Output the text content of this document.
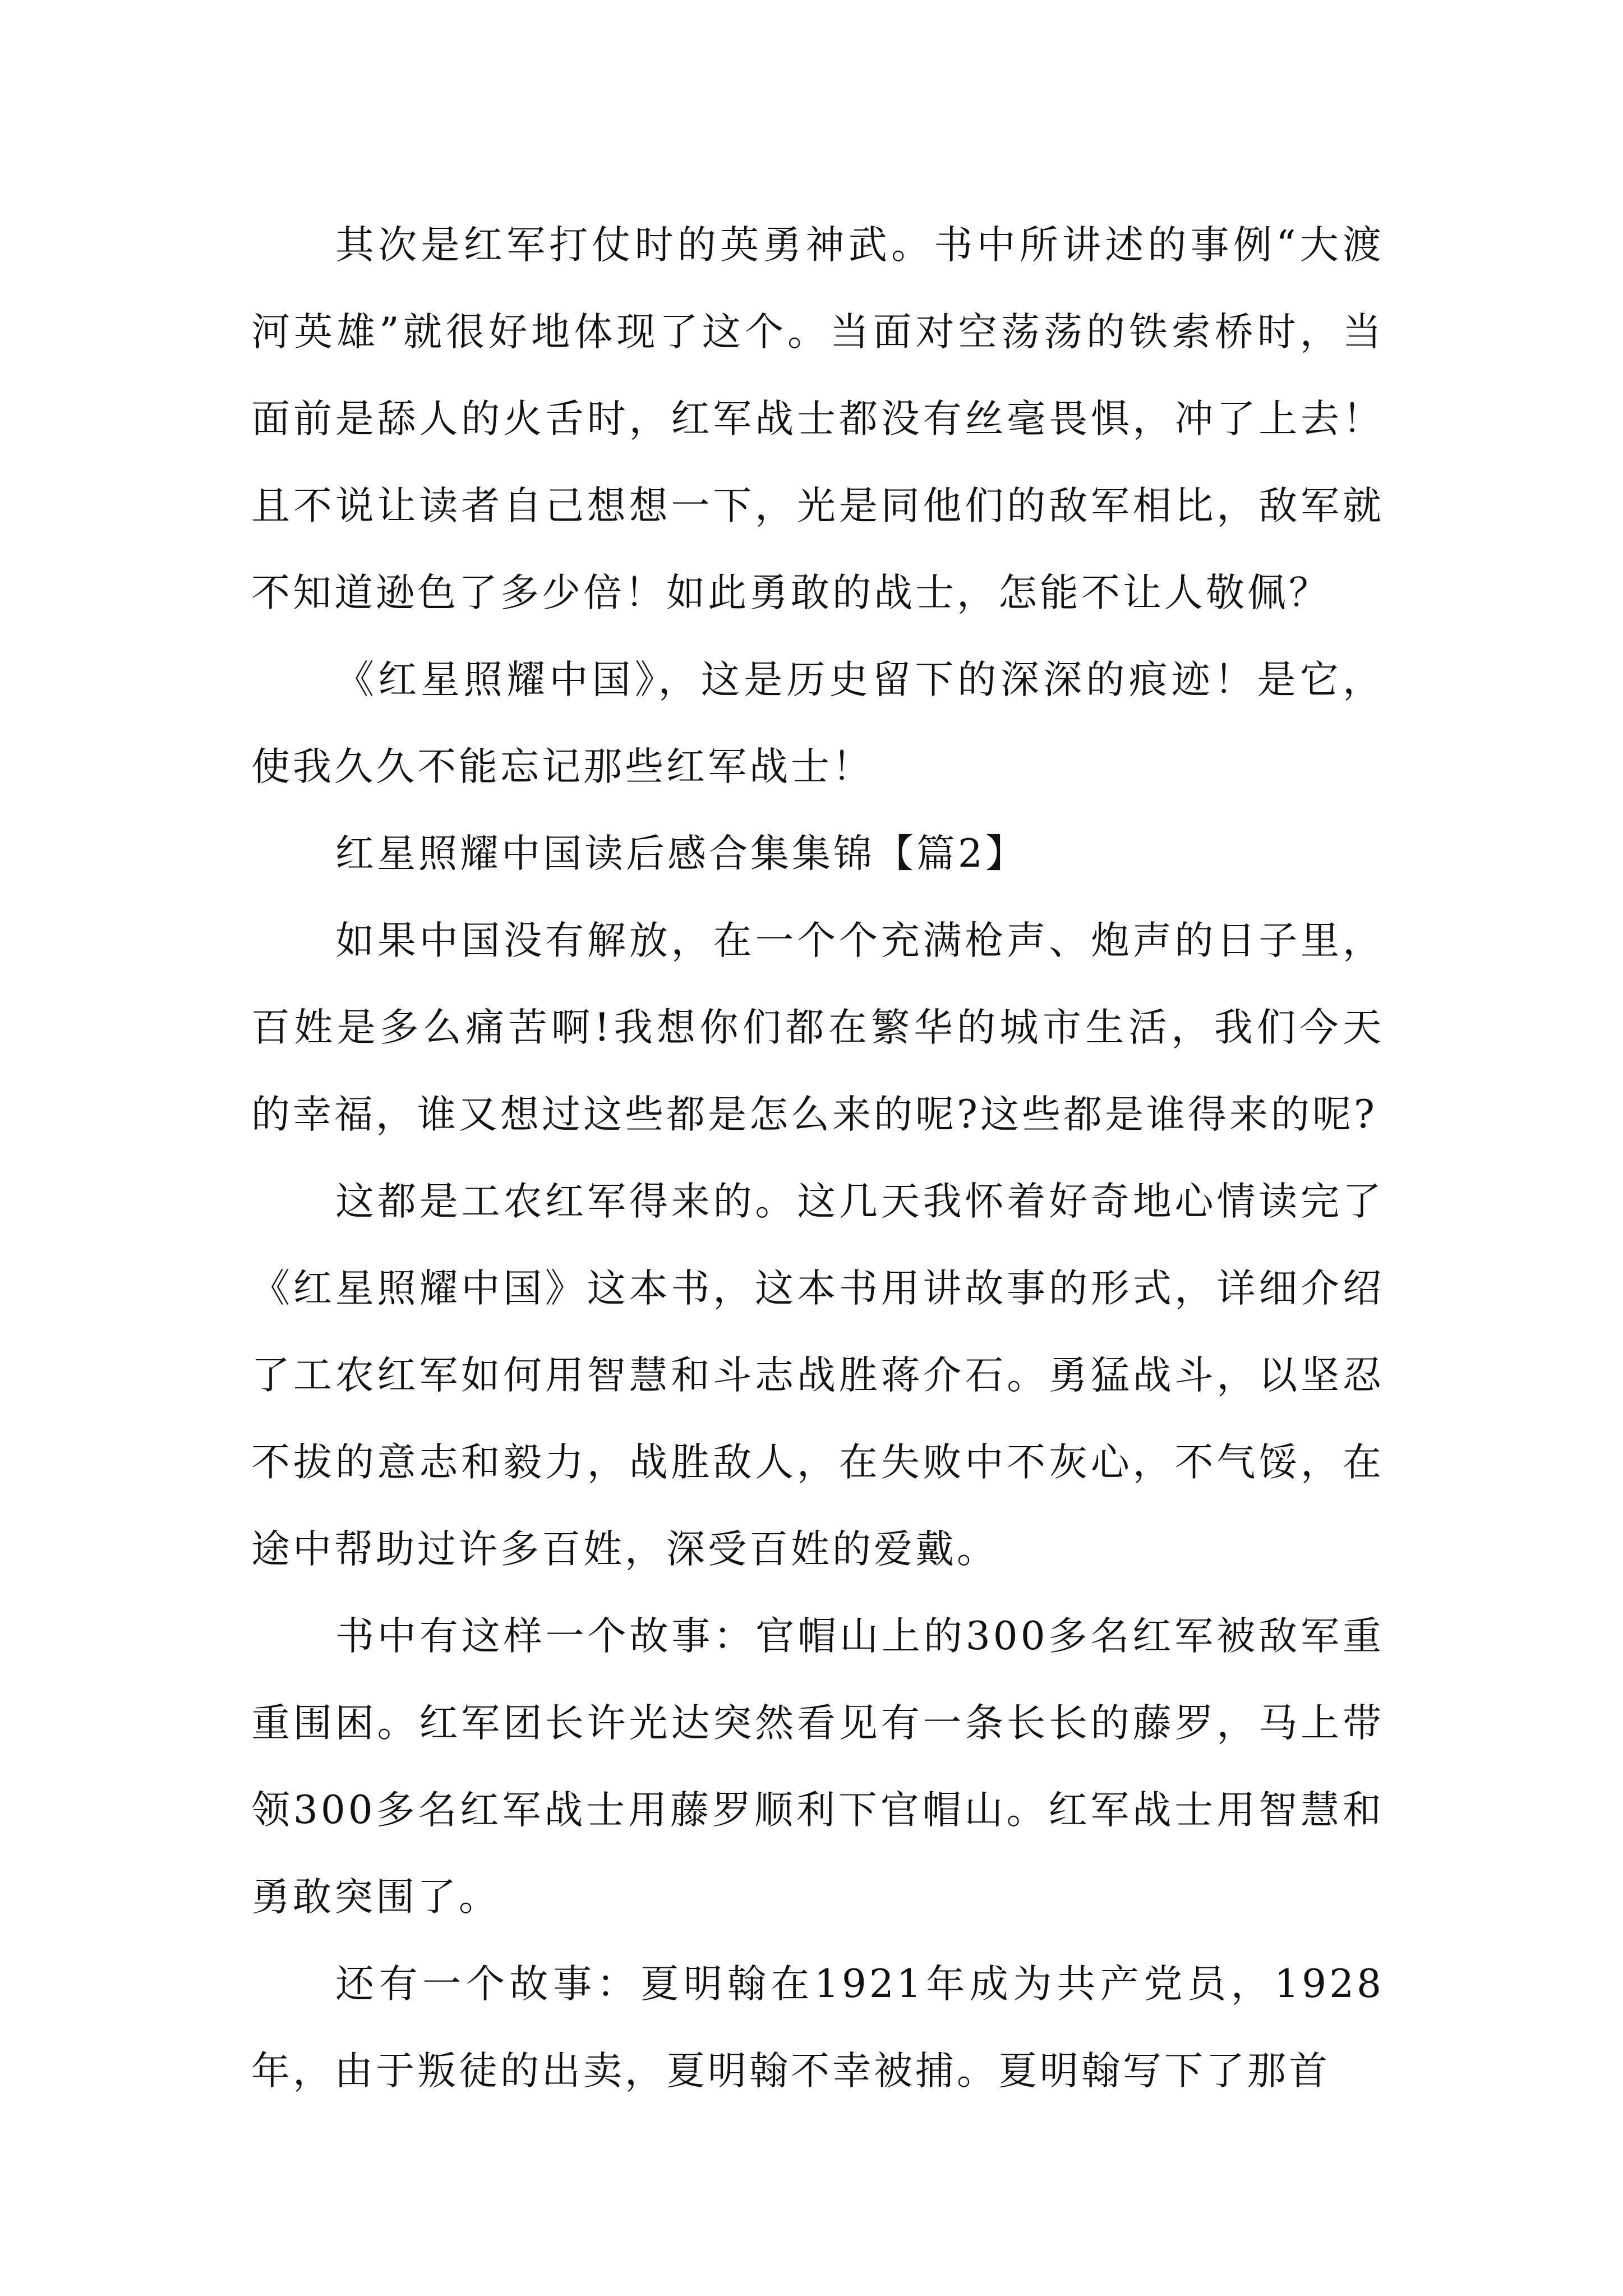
其次是红军打仗时的英勇神武。书中所讲述的事例“大渡河英雄”就很好地体现了这个。当面对空荡荡的铁索桥时，当面前是舔人的火舌时，红军战士都没有丝毫畏惧，冲了上去！且不说让读者自己想想一下，光是同他们的敌军相比，敌军就不知道逊色了多少倍！如此勇敢的战士，怎能不让人敬佩？

《红星照耀中国》，这是历史留下的深深的痕迹！是它，使我久久不能忘记那些红军战士！

红星照耀中国读后感合集集锦【篇2】

如果中国没有解放，在一个个充满枪声、炮声的日子里，百姓是多么痛苦啊!我想你们都在繁华的城市生活，我们今天的幸福，谁又想过这些都是怎么来的呢?这些都是谁得来的呢?

这都是工农红军得来的。这几天我怀着好奇地心情读完了《红星照耀中国》这本书，这本书用讲故事的形式，详细介绍了工农红军如何用智慧和斗志战胜蒋介石。勇猛战斗，以坚忍不拔的意志和毅力，战胜敌人，在失败中不灰心，不气馁，在途中帮助过许多百姓，深受百姓的爱戴。

书中有这样一个故事：官帽山上的300多名红军被敌军重重围困。红军团长许光达突然看见有一条长长的藤罗，马上带领300多名红军战士用藤罗顺利下官帽山。红军战士用智慧和勇敢突围了。

还有一个故事：夏明翰在1921年成为共产党员，1928年，由于叛徒的出卖，夏明翰不幸被捕。夏明翰写下了那首
